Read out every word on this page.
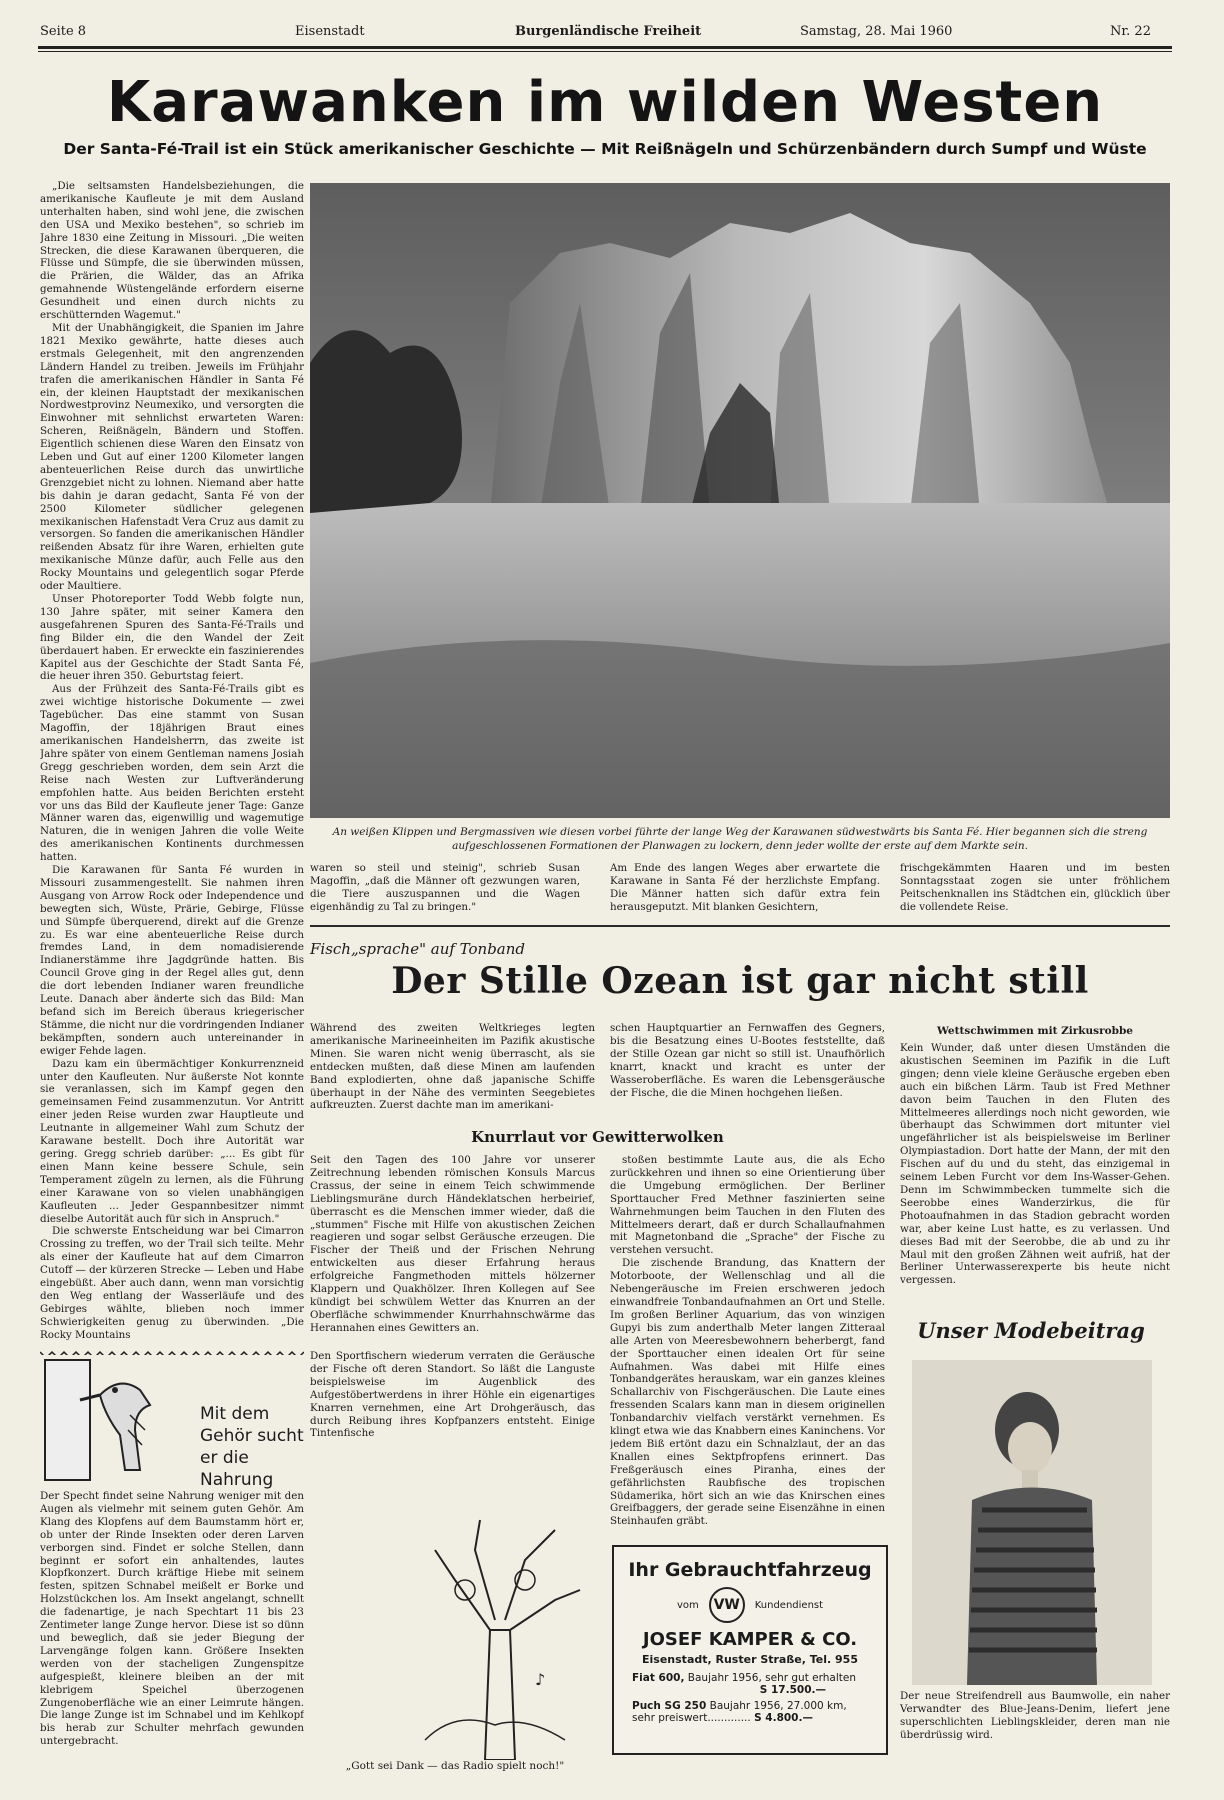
Seite 8	Eisenstadt	Burgenländische Freiheit	Samstag, 28. Mai 1960	Nr. 22
Karawanken im wilden Westen
Der Santa-Fé-Trail ist ein Stück amerikanischer Geschichte — Mit Reißnägeln und Schürzenbändern durch Sumpf und Wüste

„Die seltsamsten Handelsbeziehungen, die amerikanische Kaufleute je mit dem Ausland unterhalten haben, sind wohl jene, die zwischen den USA und Mexiko bestehen", so schrieb im Jahre 1830 eine Zeitung in Missouri. „Die weiten Strecken, die diese Karawanen überqueren, die Flüsse und Sümpfe, die sie überwinden müssen, die Prärien, die Wälder, das an Afrika gemahnende Wüstengelände erfordern eiserne Gesundheit und einen durch nichts zu erschütternden Wagemut."

Mit der Unabhängigkeit, die Spanien im Jahre 1821 Mexiko gewährte, hatte dieses auch erstmals Gelegenheit, mit den angrenzenden Ländern Handel zu treiben. Jeweils im Frühjahr trafen die amerikanischen Händler in Santa Fé ein, der kleinen Hauptstadt der mexikanischen Nordwestprovinz Neumexiko, und versorgten die Einwohner mit sehnlichst erwarteten Waren: Scheren, Reißnägeln, Bändern und Stoffen. Eigentlich schienen diese Waren den Einsatz von Leben und Gut auf einer 1200 Kilometer langen abenteuerlichen Reise durch das unwirtliche Grenzgebiet nicht zu lohnen. Niemand aber hatte bis dahin je daran gedacht, Santa Fé von der 2500 Kilometer südlicher gelegenen mexikanischen Hafenstadt Vera Cruz aus damit zu versorgen. So fanden die amerikanischen Händler reißenden Absatz für ihre Waren, erhielten gute mexikanische Münze dafür, auch Felle aus den Rocky Mountains und gelegentlich sogar Pferde oder Maultiere.

Unser Photoreporter Todd Webb folgte nun, 130 Jahre später, mit seiner Kamera den ausgefahrenen Spuren des Santa-Fé-Trails und fing Bilder ein, die den Wandel der Zeit überdauert haben. Er erweckte ein faszinierendes Kapitel aus der Geschichte der Stadt Santa Fé, die heuer ihren 350. Geburtstag feiert.

Aus der Frühzeit des Santa-Fé-Trails gibt es zwei wichtige historische Dokumente — zwei Tagebücher. Das eine stammt von Susan Magoffin, der 18jährigen Braut eines amerikanischen Handelsherrn, das zweite ist Jahre später von einem Gentleman namens Josiah Gregg geschrieben worden, dem sein Arzt die Reise nach Westen zur Luftveränderung empfohlen hatte. Aus beiden Berichten ersteht vor uns das Bild der Kaufleute jener Tage: Ganze Männer waren das, eigenwillig und wagemutige Naturen, die in wenigen Jahren die volle Weite des amerikanischen Kontinents durchmessen hatten.

Die Karawanen für Santa Fé wurden in Missouri zusammengestellt. Sie nahmen ihren Ausgang von Arrow Rock oder Independence und bewegten sich, Wüste, Prärie, Gebirge, Flüsse und Sümpfe überquerend, direkt auf die Grenze zu. Es war eine abenteuerliche Reise durch fremdes Land, in dem nomadisierende Indianerstämme ihre Jagdgründe hatten. Bis Council Grove ging in der Regel alles gut, denn die dort lebenden Indianer waren freundliche Leute. Danach aber änderte sich das Bild: Man befand sich im Bereich überaus kriegerischer Stämme, die nicht nur die vordringenden Indianer bekämpften, sondern auch untereinander in ewiger Fehde lagen.

Dazu kam ein übermächtiger Konkurrenzneid unter den Kaufleuten. Nur äußerste Not konnte sie veranlassen, sich im Kampf gegen den gemeinsamen Feind zusammenzutun. Vor Antritt einer jeden Reise wurden zwar Hauptleute und Leutnante in allgemeiner Wahl zum Schutz der Karawane bestellt. Doch ihre Autorität war gering. Gregg schrieb darüber: „... Es gibt für einen Mann keine bessere Schule, sein Temperament zügeln zu lernen, als die Führung einer Karawane von so vielen unabhängigen Kaufleuten ... Jeder Gespannbesitzer nimmt dieselbe Autorität auch für sich in Anspruch."

Die schwerste Entscheidung war bei Cimarron Crossing zu treffen, wo der Trail sich teilte. Mehr als einer der Kaufleute hat auf dem Cimarron Cutoff — der kürzeren Strecke — Leben und Habe eingebüßt. Aber auch dann, wenn man vorsichtig den Weg entlang der Wasserläufe und des Gebirges wählte, blieben noch immer Schwierigkeiten genug zu überwinden. „Die Rocky Mountains

An weißen Klippen und Bergmassiven wie diesen vorbei führte der lange Weg der Karawanen südwestwärts bis Santa Fé. Hier begannen sich die streng aufgeschlossenen Formationen der Planwagen zu lockern, denn jeder wollte der erste auf dem Markte sein.
waren so steil und steinig", schrieb Susan Magoffin, „daß die Männer oft gezwungen waren, die Tiere auszuspannen und die Wagen eigenhändig zu Tal zu bringen."
Am Ende des langen Weges aber erwartete die Karawane in Santa Fé der herzlichste Empfang. Die Männer hatten sich dafür extra fein herausgeputzt. Mit blanken Gesichtern,
frischgekämmten Haaren und im besten Sonntagsstaat zogen sie unter fröhlichem Peitschenknallen ins Städtchen ein, glücklich über die vollendete Reise.
Fisch„sprache" auf Tonband
Der Stille Ozean ist gar nicht still
Während des zweiten Weltkrieges legten amerikanische Marineeinheiten im Pazifik akustische Minen. Sie waren nicht wenig überrascht, als sie entdecken mußten, daß diese Minen am laufenden Band explodierten, ohne daß japanische Schiffe überhaupt in der Nähe des verminten Seegebietes aufkreuzten. Zuerst dachte man im amerikani-
schen Hauptquartier an Fernwaffen des Gegners, bis die Besatzung eines U-Bootes feststellte, daß der Stille Ozean gar nicht so still ist. Unaufhörlich knarrt, knackt und kracht es unter der Wasseroberfläche. Es waren die Lebensgeräusche der Fische, die die Minen hochgehen ließen.
Knurrlaut vor Gewitterwolken
Seit den Tagen des 100 Jahre vor unserer Zeitrechnung lebenden römischen Konsuls Marcus Crassus, der seine in einem Teich schwimmende Lieblingsmuräne durch Händeklatschen herbeirief, überrascht es die Menschen immer wieder, daß die „stummen" Fische mit Hilfe von akustischen Zeichen reagieren und sogar selbst Geräusche erzeugen. Die Fischer der Theiß und der Frischen Nehrung entwickelten aus dieser Erfahrung heraus erfolgreiche Fangmethoden mittels hölzerner Klappern und Quakhölzer. Ihren Kollegen auf See kündigt bei schwülem Wetter das Knurren an der Oberfläche schwimmender Knurrhahnschwärme das Herannahen eines Gewitters an.
Den Sportfischern wiederum verraten die Geräusche der Fische oft deren Standort. So läßt die Languste beispielsweise im Augenblick des Aufgestöbertwerdens in ihrer Höhle ein eigenartiges Knarren vernehmen, eine Art Drohgeräusch, das durch Reibung ihres Kopfpanzers entsteht. Einige Tintenfische

stoßen bestimmte Laute aus, die als Echo zurückkehren und ihnen so eine Orientierung über die Umgebung ermöglichen. Der Berliner Sporttaucher Fred Methner faszinierten seine Wahrnehmungen beim Tauchen in den Fluten des Mittelmeers derart, daß er durch Schallaufnahmen mit Magnetonband die „Sprache" der Fische zu verstehen versucht.

Die zischende Brandung, das Knattern der Motorboote, der Wellenschlag und all die Nebengeräusche im Freien erschweren jedoch einwandfreie Tonbandaufnahmen an Ort und Stelle. Im großen Berliner Aquarium, das von winzigen Gupyi bis zum anderthalb Meter langen Zitteraal alle Arten von Meeresbewohnern beherbergt, fand der Sporttaucher einen idealen Ort für seine Aufnahmen. Was dabei mit Hilfe eines Tonbandgerätes herauskam, war ein ganzes kleines Schallarchiv von Fischgeräuschen. Die Laute eines fressenden Scalars kann man in diesem originellen Tonbandarchiv vielfach verstärkt vernehmen. Es klingt etwa wie das Knabbern eines Kaninchens. Vor jedem Biß ertönt dazu ein Schnalzlaut, der an das Knallen eines Sektpfropfens erinnert. Das Freßgeräusch eines Piranha, eines der gefährlichsten Raubfische des tropischen Südamerika, hört sich an wie das Knirschen eines Greifbaggers, der gerade seine Eisenzähne in einen Steinhaufen gräbt.

Wettschwimmen mit Zirkusrobbe
Kein Wunder, daß unter diesen Umständen die akustischen Seeminen im Pazifik in die Luft gingen; denn viele kleine Geräusche ergeben eben auch ein bißchen Lärm. Taub ist Fred Methner davon beim Tauchen in den Fluten des Mittelmeeres allerdings noch nicht geworden, wie überhaupt das Schwimmen dort mitunter viel ungefährlicher ist als beispielsweise im Berliner Olympiastadion. Dort hatte der Mann, der mit den Fischen auf du und du steht, das einzigemal in seinem Leben Furcht vor dem Ins-Wasser-Gehen. Denn im Schwimmbecken tummelte sich die Seerobbe eines Wanderzirkus, die für Photoaufnahmen in das Stadion gebracht worden war, aber keine Lust hatte, es zu verlassen. Und dieses Bad mit der Seerobbe, die ab und zu ihr Maul mit den großen Zähnen weit aufriß, hat der Berliner Unterwasserexperte bis heute nicht vergessen.
♪
„Gott sei Dank — das Radio spielt noch!"
Mit dem
Gehör sucht
er die
Nahrung
Der Specht findet seine Nahrung weniger mit den Augen als vielmehr mit seinem guten Gehör. Am Klang des Klopfens auf dem Baumstamm hört er, ob unter der Rinde Insekten oder deren Larven verborgen sind. Findet er solche Stellen, dann beginnt er sofort ein anhaltendes, lautes Klopfkonzert. Durch kräftige Hiebe mit seinem festen, spitzen Schnabel meißelt er Borke und Holzstückchen los. Am Insekt angelangt, schnellt die fadenartige, je nach Spechtart 11 bis 23 Zentimeter lange Zunge hervor. Diese ist so dünn und beweglich, daß sie jeder Biegung der Larvengänge folgen kann. Größere Insekten werden von der stacheligen Zungenspitze aufgespießt, kleinere bleiben an der mit klebrigem Speichel überzogenen Zungenoberfläche wie an einer Leimrute hängen. Die lange Zunge ist im Schnabel und im Kehlkopf bis herab zur Schulter mehrfach gewunden untergebracht.
Unser Modebeitrag
Der neue Streifendrell aus Baumwolle, ein naher Verwandter des Blue-Jeans-Denim, liefert jene superschlichten Lieblingskleider, deren man nie überdrüssig wird.
Ihr Gebrauchtfahrzeug
vom	VW	Kundendienst
JOSEF KAMPER & CO.
Eisenstadt, Ruster Straße, Tel. 955
Fiat 600, Baujahr 1956, sehr gut erhalten
S 17.500.—
Puch SG 250 Baujahr 1956, 27.000 km,
sehr preiswert............. S 4.800.—
